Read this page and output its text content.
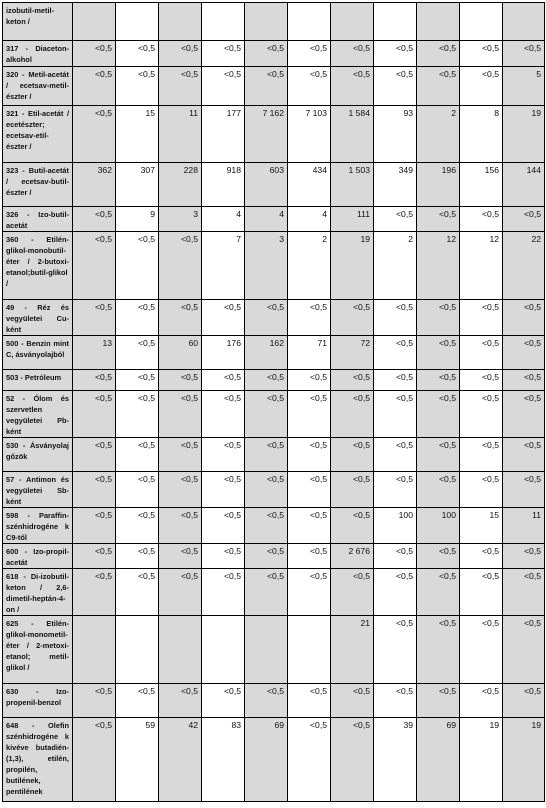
izobutil-metil-keton /											
317 - Diaceton-alkohol	<0,5	<0,5	<0,5	<0,5	<0,5	<0,5	<0,5	<0,5	<0,5	<0,5	<0,5
320 - Metil-acetát / ecetsav-metil-észter /	<0,5	<0,5	<0,5	<0,5	<0,5	<0,5	<0,5	<0,5	<0,5	<0,5	5
321 - Etil-acetát / ecetészter; ecetsav-etil-észter /	<0,5	15	11	177	7 162	7 103	1 584	93	2	8	19
323 - Butil-acetát / ecetsav-butil-észter /	362	307	228	918	603	434	1 503	349	196	156	144
326 - Izo-butil-acetát	<0,5	9	3	4	4	4	111	<0,5	<0,5	<0,5	<0,5
360 - Etilén-glikol-monobutil-éter / 2-butoxi-etanol;butil-glikol /	<0,5	<0,5	<0,5	7	3	2	19	2	12	12	22
49 - Réz és vegyületei Cu-ként	<0,5	<0,5	<0,5	<0,5	<0,5	<0,5	<0,5	<0,5	<0,5	<0,5	<0,5
500 - Benzin mint C, ásványolajból	13	<0,5	60	176	162	71	72	<0,5	<0,5	<0,5	<0,5
503 - Petróleum	<0,5	<0,5	<0,5	<0,5	<0,5	<0,5	<0,5	<0,5	<0,5	<0,5	<0,5
52 - Ólom és szervetlen vegyületei Pb-ként	<0,5	<0,5	<0,5	<0,5	<0,5	<0,5	<0,5	<0,5	<0,5	<0,5	<0,5
530 - Ásványolaj gőzök	<0,5	<0,5	<0,5	<0,5	<0,5	<0,5	<0,5	<0,5	<0,5	<0,5	<0,5
57 - Antimon és vegyületei Sb-ként	<0,5	<0,5	<0,5	<0,5	<0,5	<0,5	<0,5	<0,5	<0,5	<0,5	<0,5
598 - Paraffin-szénhidrogéne k C9-től	<0,5	<0,5	<0,5	<0,5	<0,5	<0,5	<0,5	100	100	15	11
600 - Izo-propil-acetát	<0,5	<0,5	<0,5	<0,5	<0,5	<0,5	2 676	<0,5	<0,5	<0,5	<0,5
618 - Di-izobutil-keton / 2,6-dimetil-heptán-4-on /	<0,5	<0,5	<0,5	<0,5	<0,5	<0,5	<0,5	<0,5	<0,5	<0,5	<0,5
625 - Etilén-glikol-monometil-éter / 2-metoxi-etanol; metil-glikol /							21	<0,5	<0,5	<0,5	<0,5
630 - Izo-propenil-benzol	<0,5	<0,5	<0,5	<0,5	<0,5	<0,5	<0,5	<0,5	<0,5	<0,5	<0,5
648 - Olefin szénhidrogéne k kivéve butadién-(1,3), etilén, propilén, butilének, pentilének	<0,5	59	42	83	69	<0,5	<0,5	39	69	19	19
